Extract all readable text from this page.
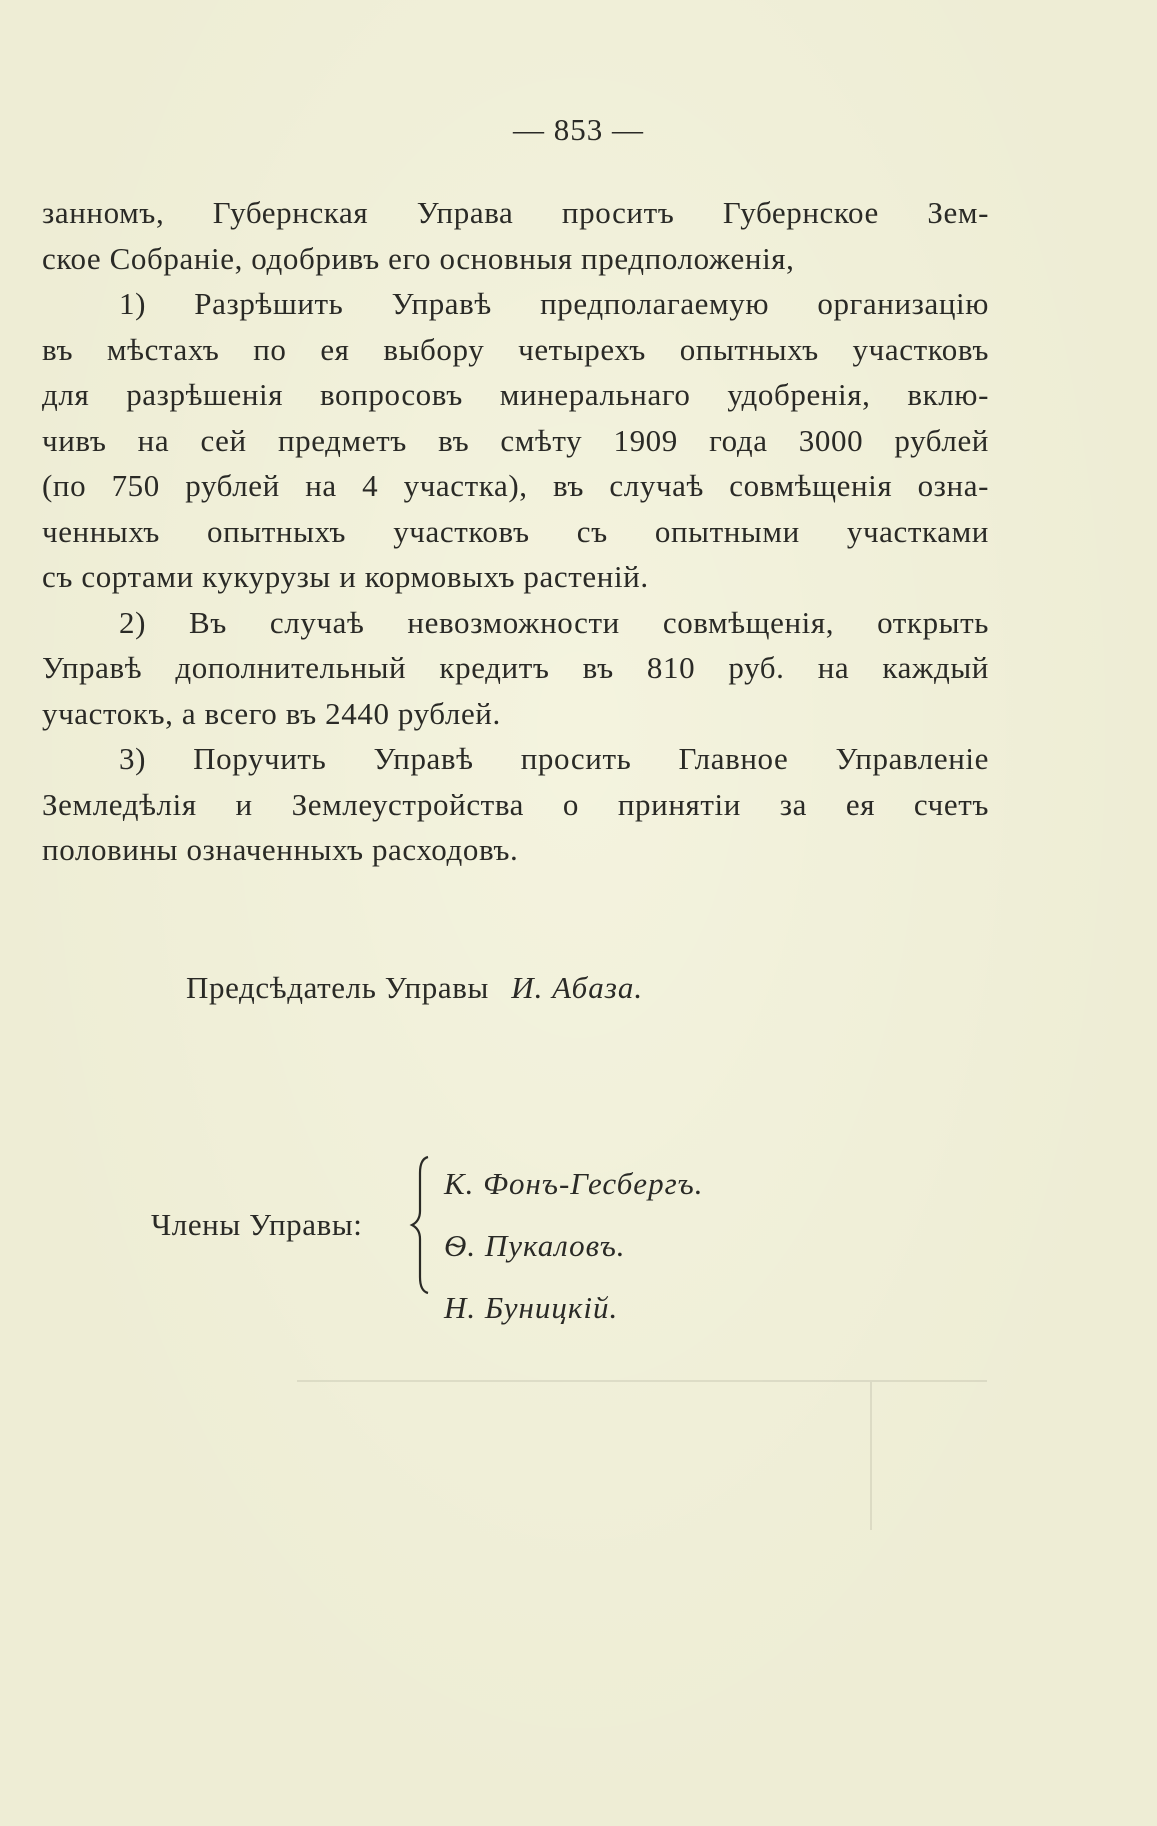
— 853 —
занномъ, Губернская Управа проситъ Губернское Зем-
ское Собраніе, одобривъ его основныя предположенія,
1) Разрѣшить Управѣ предполагаемую организацію
въ мѣстахъ по ея выбору четырехъ опытныхъ участковъ
для разрѣшенія вопросовъ минеральнаго удобренія, вклю-
чивъ на сей предметъ въ смѣту 1909 года 3000 рублей
(по 750 рублей на 4 участка), въ случаѣ совмѣщенія озна-
ченныхъ опытныхъ участковъ съ опытными участками
съ сортами кукурузы и кормовыхъ растеній.
2) Въ случаѣ невозможности совмѣщенія, открыть
Управѣ дополнительный кредитъ въ 810 руб. на каждый
участокъ, а всего въ 2440 рублей.
3) Поручить Управѣ просить Главное Управленіе
Земледѣлія и Землеустройства о принятіи за ея счетъ
половины означенныхъ расходовъ.
Предсѣдатель Управы И. Абаза.
Члены Управы:
К. Фонъ-Гесбергъ.
Ѳ. Пукаловъ.
Н. Буницкій.
